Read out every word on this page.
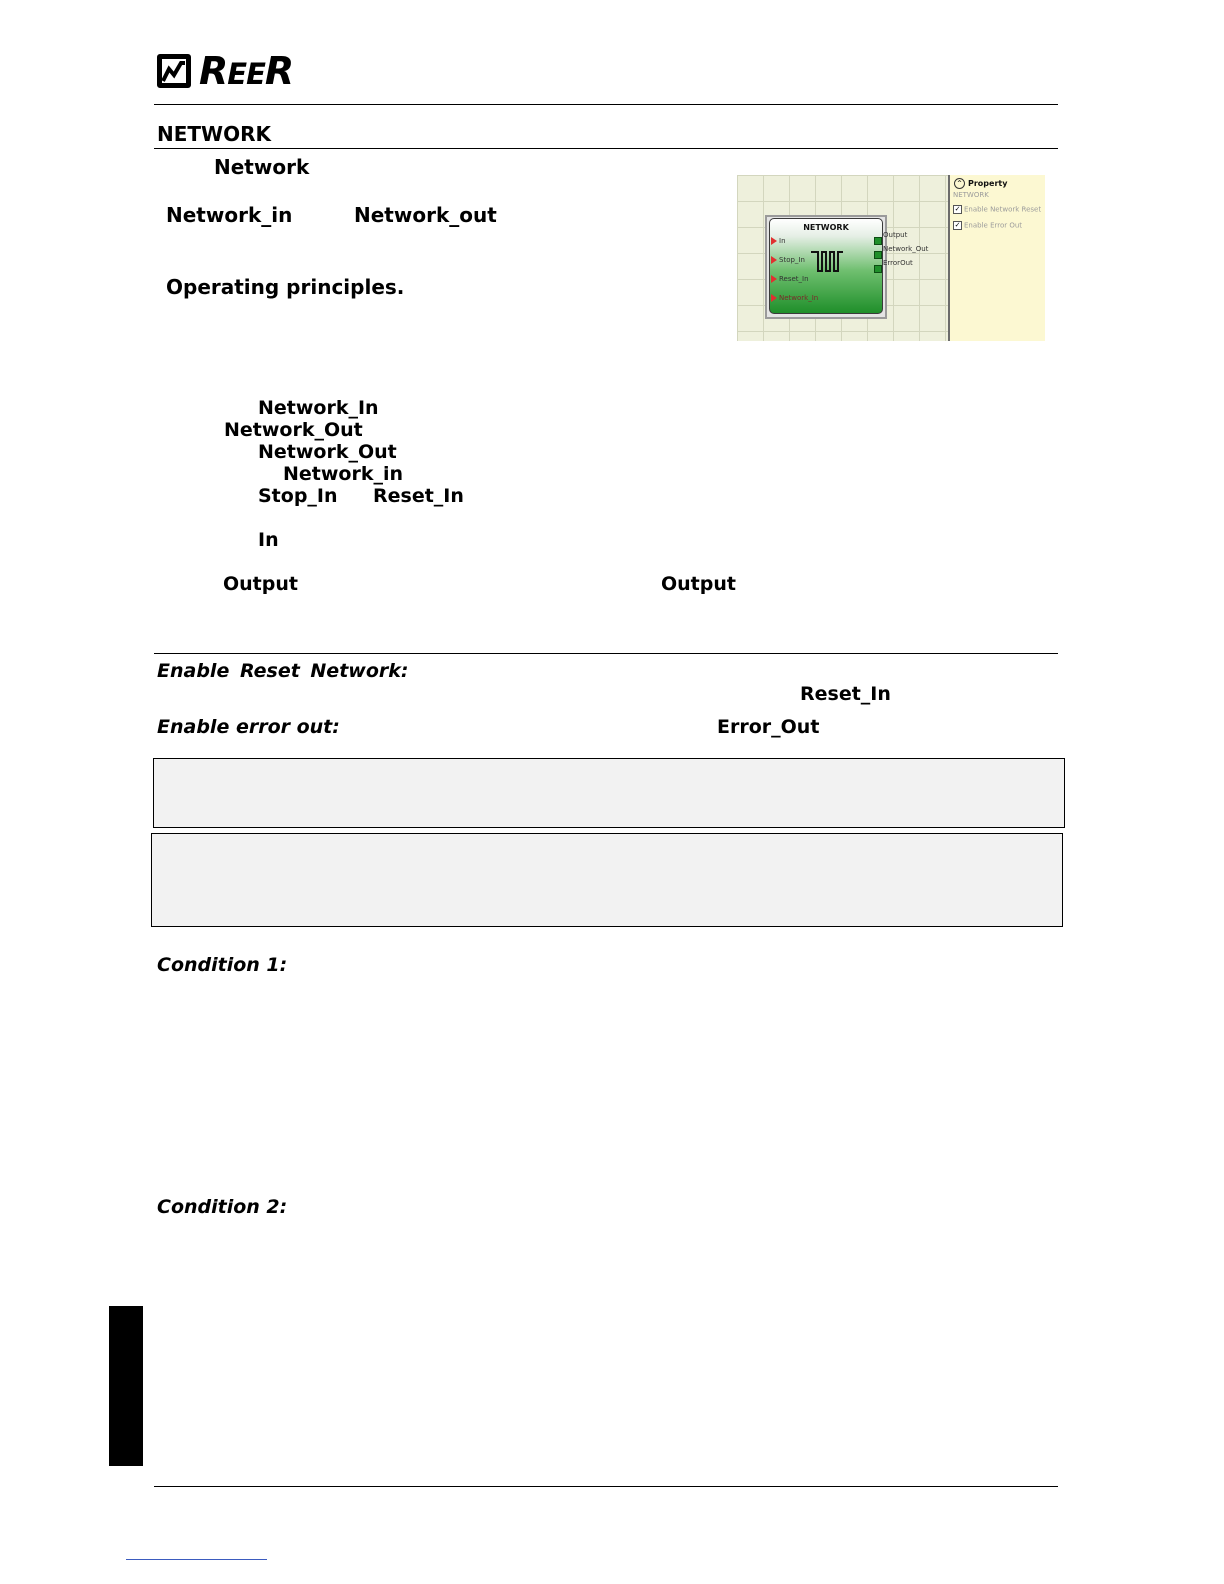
REER
NETWORK
Network
Network_in	Network_out
Operating principles.
NETWORK
In
Stop_In
Reset_In
Network_In
Output
Network_Out
ErrorOut
^ Property
NETWORK
✓ Enable Network Reset
✓ Enable Error Out
Network_In
Network_Out
Network_Out
Network_in
Stop_In Reset_In
In
Output	Output
Enable Reset Network:
Reset_In
Enable error out:	Error_Out
Condition 1:
Condition 2:
